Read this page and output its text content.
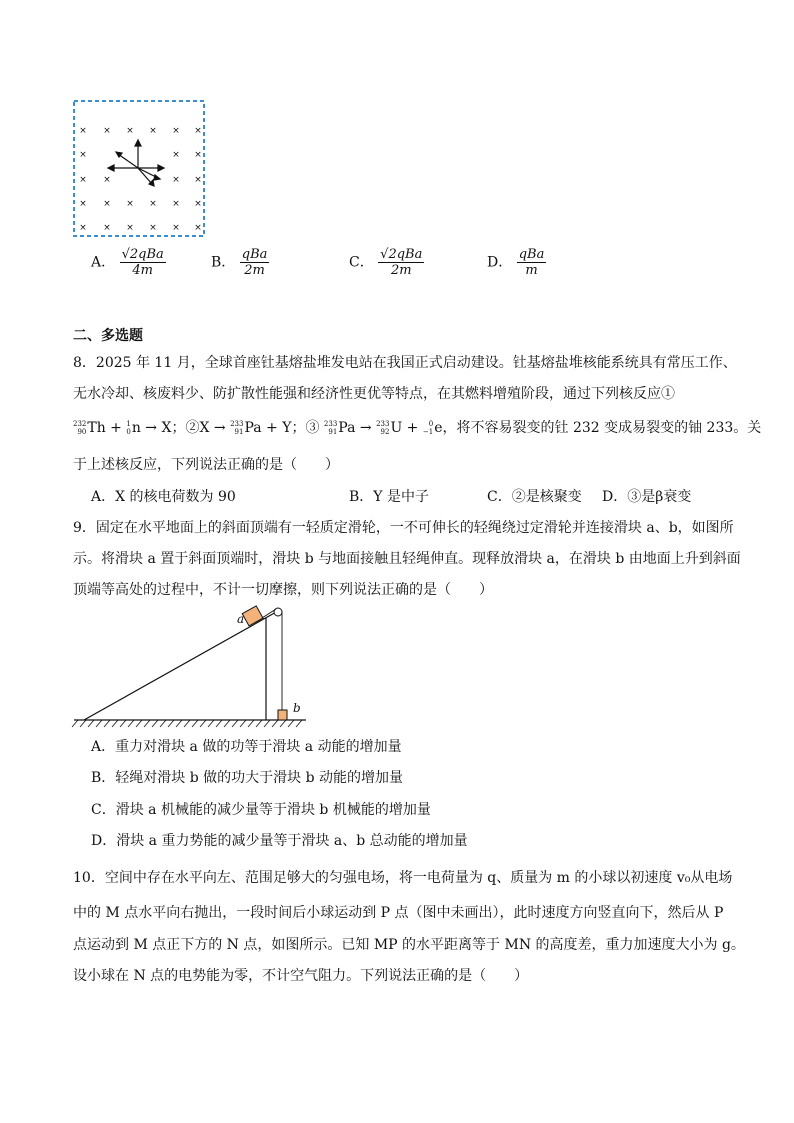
× × × × × ×
×	× ×
× ×	× ×
× × × × × ×
× × × × × ×
A． $\frac{\text{√2qBa}}{4m}$	B． $\frac{\text{qBa}}{2m}$	C． $\frac{\text{√2qBa}}{2m}$	D． $\frac{\text{qBa}}{m}$
二、多选题
8．2025 年 11 月，全球首座钍基熔盐堆发电站在我国正式启动建设。钍基熔盐堆核能系统具有常压工作、
无水冷却、核废料少、防扩散性能强和经济性更优等特点，在其燃料增殖阶段，通过下列核反应①
232
90 Th + 1
0 n → X；②X → 233
91 Pa + Y；③ 233
91 Pa → 233
92 U + 0
−1 e，将不容易裂变的钍 232 变成易裂变的铀 233。关
于上述核反应，下列说法正确的是（　　）
A．X 的核电荷数为 90	B．Y 是中子	C．②是核聚变 D．③是β衰变
9．固定在水平地面上的斜面顶端有一轻质定滑轮，一不可伸长的轻绳绕过定滑轮并连接滑块 a、b，如图所
示。将滑块 a 置于斜面顶端时，滑块 b 与地面接触且轻绳伸直。现释放滑块 a，在滑块 b 由地面上升到斜面
顶端等高处的过程中，不计一切摩擦，则下列说法正确的是（　　）
a
b
A．重力对滑块 a 做的功等于滑块 a 动能的增加量
B．轻绳对滑块 b 做的功大于滑块 b 动能的增加量
C．滑块 a 机械能的减少量等于滑块 b 机械能的增加量
D．滑块 a 重力势能的减少量等于滑块 a、b 总动能的增加量
10．空间中存在水平向左、范围足够大的匀强电场，将一电荷量为 q、质量为 m 的小球以初速度 v₀从电场
中的 M 点水平向右抛出，一段时间后小球运动到 P 点（图中未画出），此时速度方向竖直向下，然后从 P
点运动到 M 点正下方的 N 点，如图所示。已知 MP 的水平距离等于 MN 的高度差，重力加速度大小为 g。
设小球在 N 点的电势能为零，不计空气阻力。下列说法正确的是（　　）
